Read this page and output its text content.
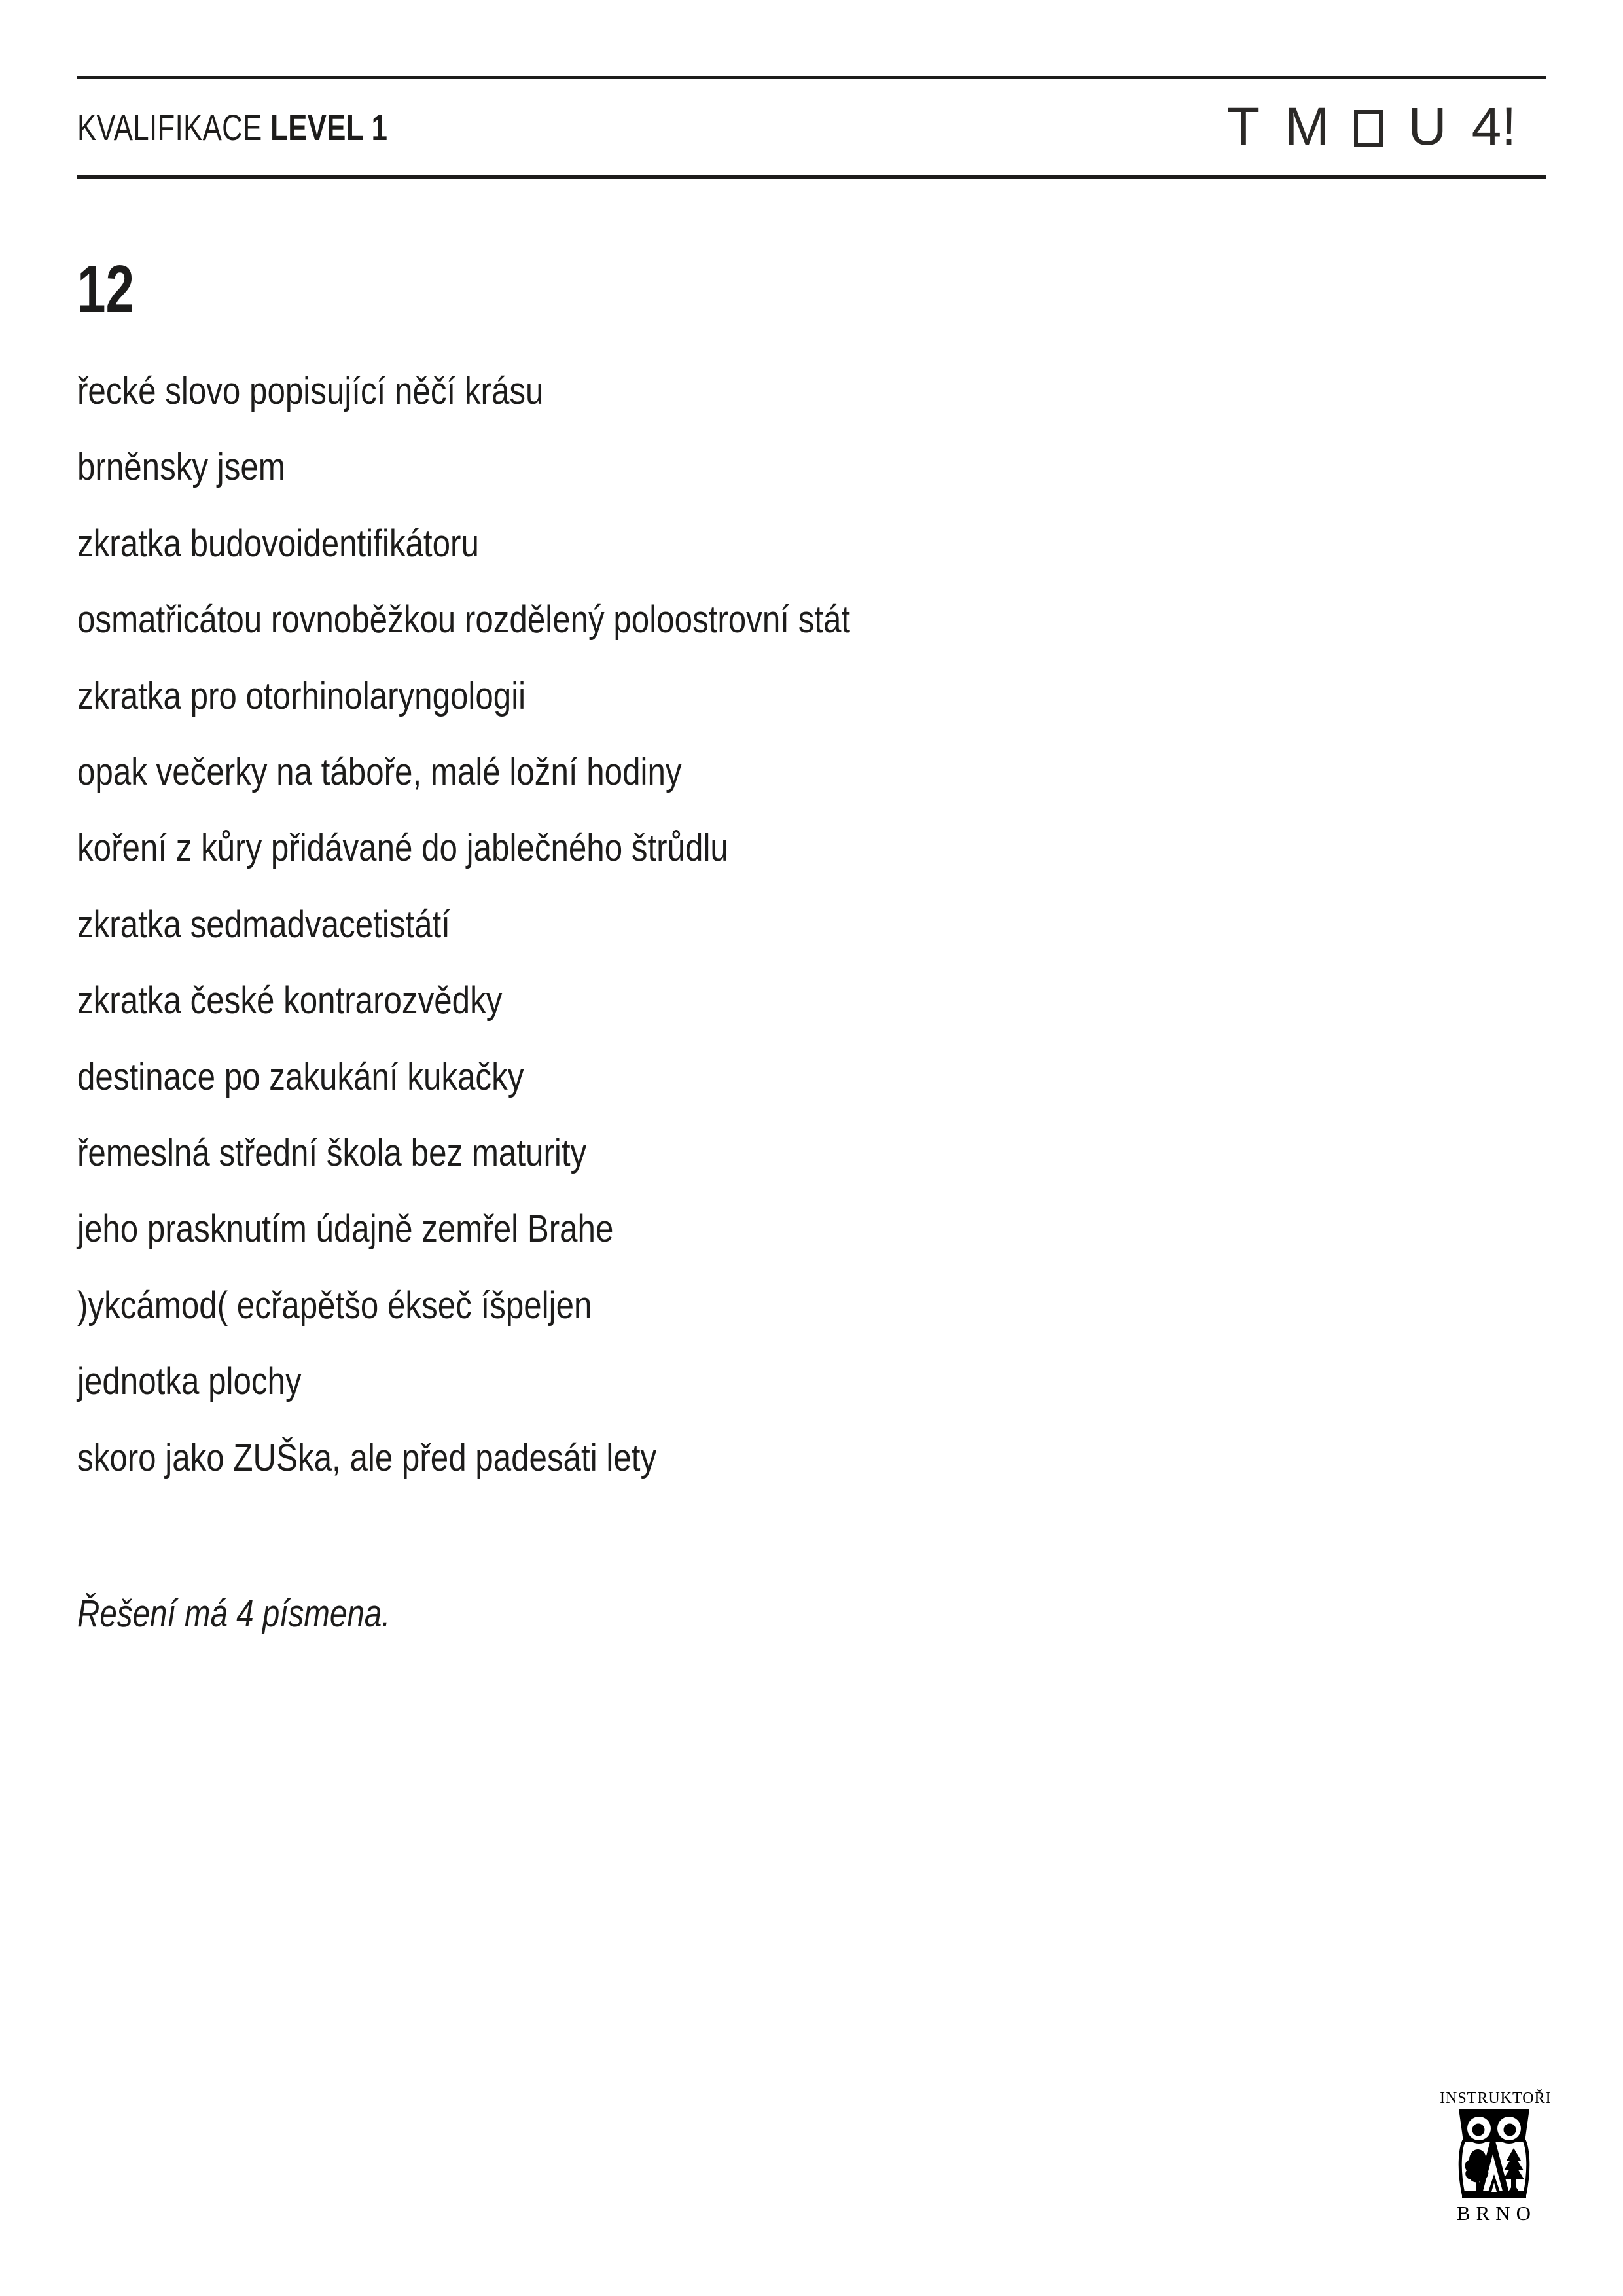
KVALIFIKACE LEVEL 1	T M U 4!
12
řecké slovo popisující něčí krásu
brněnsky jsem
zkratka budovoidentifikátoru
osmatřicátou rovnoběžkou rozdělený poloostrovní stát
zkratka pro otorhinolaryngologii
opak večerky na táboře, malé ložní hodiny
koření z kůry přidávané do jablečného štrůdlu
zkratka sedmadvacetistátí
zkratka české kontrarozvědky
destinace po zakukání kukačky
řemeslná střední škola bez maturity
jeho prasknutím údajně zemřel Brahe
)ykcámod( ecřapětšo ékseč íšpeljen
jednotka plochy
skoro jako ZUŠka, ale před padesáti lety
Řešení má 4 písmena.
INSTRUKTOŘI
BRNO
